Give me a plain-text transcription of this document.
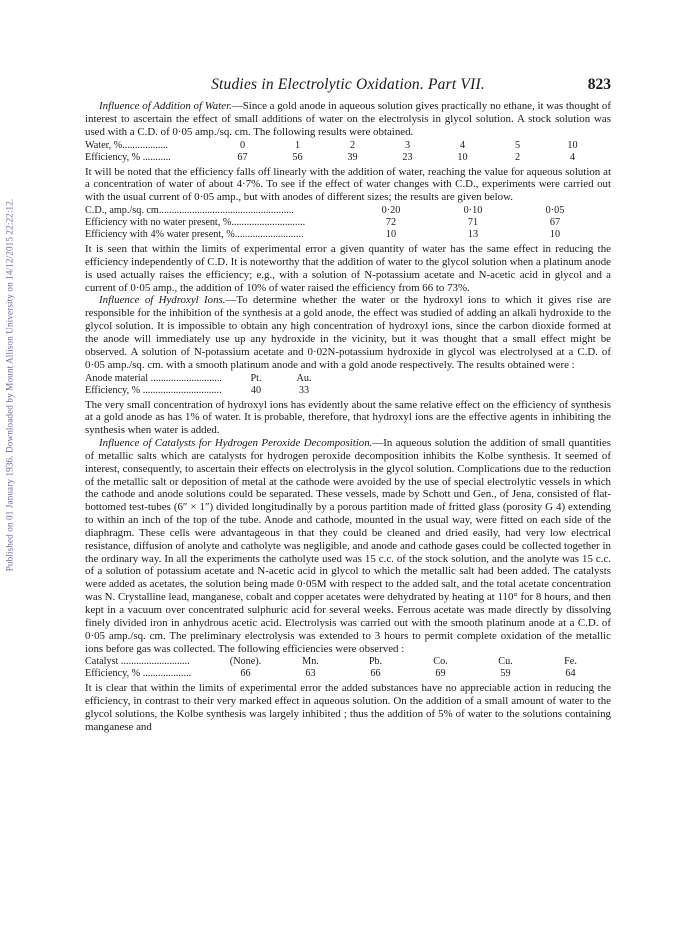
Published on 01 January 1936. Downloaded by Mount Allison University on 14/12/2015 22:22:12.
Studies in Electrolytic Oxidation. Part VII.	823

Influence of Addition of Water.—Since a gold anode in aqueous solution gives practically no ethane, it was thought of interest to ascertain the effect of small additions of water on the electrolysis in glycol solution. A stock solution was used with a C.D. of 0·05 amp./sq. cm. The following results were obtained.

Water, %..................	0	1	2	3	4	5	10
Efficiency, % ...........	67	56	39	23	10	2	4

It will be noted that the efficiency falls off linearly with the addition of water, reaching the value for aqueous solution at a concentration of water of about 4·7%. To see if the effect of water changes with C.D., experiments were carried out with the usual current of 0·05 amp., but with anodes of different sizes; the results are given below.

C.D., amp./sq. cm.....................................................	0·20	0·10	0·05
Efficiency with no water present, %.............................	72	71	67
Efficiency with 4% water present, %...........................	10	13	10

It is seen that within the limits of experimental error a given quantity of water has the same effect in reducing the efficiency independently of C.D. It is noteworthy that the addition of water to the glycol solution when a platinum anode is used actually raises the efficiency; e.g., with a solution of N-potassium acetate and N-acetic acid in glycol and a current of 0·05 amp., the addition of 10% of water raised the efficiency from 66 to 73%.

Influence of Hydroxyl Ions.—To determine whether the water or the hydroxyl ions to which it gives rise are responsible for the inhibition of the synthesis at a gold anode, the effect was studied of adding an alkali hydroxide to the glycol solution. It is impossible to obtain any high concentration of hydroxyl ions, since the carbon dioxide formed at the anode will immediately use up any hydroxide in the vicinity, but it was thought that a small effect might be observed. A solution of N-potassium acetate and 0·02N-potassium hydroxide in glycol was electrolysed at a C.D. of 0·05 amp./sq. cm. with a smooth platinum anode and with a gold anode respectively. The results obtained were :

Anode material ............................	Pt.	Au.
Efficiency, % ...............................	40	33

The very small concentration of hydroxyl ions has evidently about the same relative effect on the efficiency of synthesis at a gold anode as has 1% of water. It is probable, therefore, that hydroxyl ions are the effective agents in inhibiting the synthesis when water is added.

Influence of Catalysts for Hydrogen Peroxide Decomposition.—In aqueous solution the addition of small quantities of metallic salts which are catalysts for hydrogen peroxide decomposition inhibits the Kolbe synthesis. It seemed of interest, consequently, to ascertain their effects on electrolysis in the glycol solution. Complications due to the reduction of the metallic salt or deposition of metal at the cathode were avoided by the use of special electrolytic vessels in which the cathode and anode solutions could be separated. These vessels, made by Schott und Gen., of Jena, consisted of flat-bottomed test-tubes (6″ × 1″) divided longitudinally by a porous partition made of fritted glass (porosity G 4) extending to within an inch of the top of the tube. Anode and cathode, mounted in the usual way, were fitted on each side of the diaphragm. These cells were advantageous in that they could be cleaned and dried easily, had very low electrical resistance, diffusion of anolyte and catholyte was negligible, and anode and cathode gases could be collected together in the ordinary way. In all the experiments the catholyte used was 15 c.c. of the stock solution, and the anolyte was 15 c.c. of a solution of potassium acetate and N-acetic acid in glycol to which the metallic salt had been added. The catalysts were added as acetates, the solution being made 0·05M with respect to the added salt, and the total acetate concentration was N. Crystalline lead, manganese, cobalt and copper acetates were dehydrated by heating at 110° for 8 hours, and then kept in a vacuum over concentrated sulphuric acid for several weeks. Ferrous acetate was made directly by dissolving finely divided iron in anhydrous acetic acid. Electrolysis was carried out with the smooth platinum anode at a C.D. of 0·05 amp./sq. cm. The preliminary electrolysis was extended to 3 hours to permit complete oxidation of the metallic ions before gas was collected. The following efficiencies were observed :

Catalyst ...........................	(None).	Mn.	Pb.	Co.	Cu.	Fe.
Efficiency, % ...................	66	63	66	69	59	64

It is clear that within the limits of experimental error the added substances have no appreciable action in reducing the efficiency, in contrast to their very marked effect in aqueous solution. On the addition of a small amount of water to the glycol solutions, the Kolbe synthesis was largely inhibited ; thus the addition of 5% of water to the solutions containing manganese and
